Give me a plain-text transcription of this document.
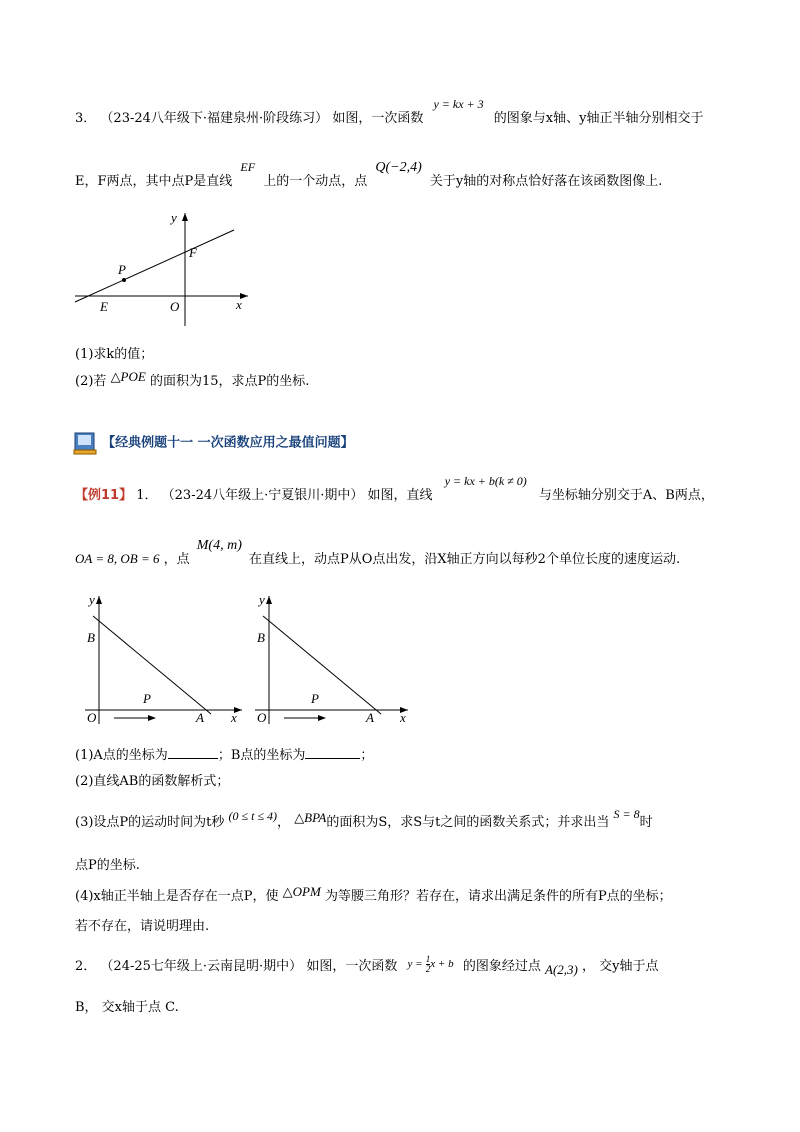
3． （23-24八年级下·福建泉州·阶段练习） 如图，一次函数 y = kx + 3 的图象与x轴、y轴正半轴分别相交于
E，F两点，其中点P是直线 EF 上的一个动点，点 Q(−2,4) 关于y轴的对称点恰好落在该函数图像上.
y
F
P
E	O	x
(1)求k的值；
(2)若 △POE 的面积为15，求点P的坐标.
【经典例题十一 一次函数应用之最值问题】
【例11】 1． （23-24八年级上·宁夏银川·期中） 如图，直线 y = kx + b(k ≠ 0) 与坐标轴分别交于A、B两点，
OA = 8, OB = 6 ，点 M(4, m) 在直线上，动点P从O点出发，沿X轴正方向以每秒2个单位长度的速度运动.
y
B
P
O	A x
y
B
P
O	A x
(1)A点的坐标为	；B点的坐标为	；
(2)直线AB的函数解析式；
(3)设点P的运动时间为t秒 (0 ≤ t ≤ 4)， △BPA的面积为S，求S与t之间的函数关系式；并求出当 S = 8时
点P的坐标.
(4)x轴正半轴上是否存在一点P，使 △OPM 为等腰三角形？若存在，请求出满足条件的所有P点的坐标；
若不存在，请说明理由.
2． （24-25七年级上·云南昆明·期中） 如图，一次函数 $y = \frac{1}{2}$ x + b 的图象经过点 A(2,3) ， 交y轴于点
B， 交x轴于点 C.
